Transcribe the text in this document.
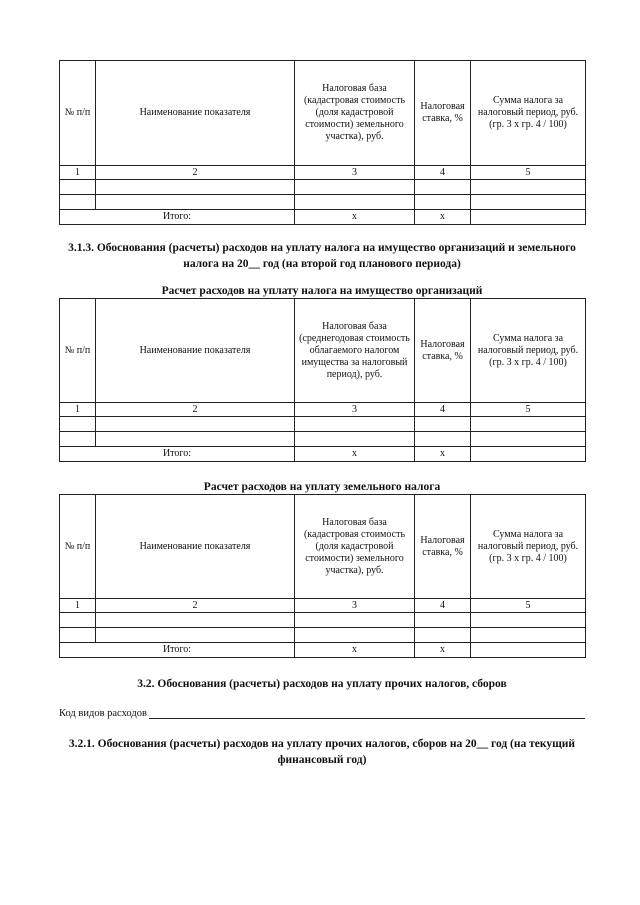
№ п/п	Наименование показателя	Налоговая база (кадастровая стоимость (доля кадастровой стоимости) земельного участка), руб.	Налоговая ставка, %	Сумма налога за налоговый период, руб. (гр. 3 х гр. 4 / 100)
1	2	3	4	5

Итого:		x	x	
3.1.3. Обоснования (расчеты) расходов на уплату налога на имущество организаций и земельного налога на 20__ год (на второй год планового периода)
Расчет расходов на уплату налога на имущество организаций
№ п/п	Наименование показателя	Налоговая база (среднегодовая стоимость облагаемого налогом имущества за налоговый период), руб.	Налоговая ставка, %	Сумма налога за налоговый период, руб. (гр. 3 х гр. 4 / 100)
1	2	3	4	5

Итого:		x	x	
Расчет расходов на уплату земельного налога
№ п/п	Наименование показателя	Налоговая база (кадастровая стоимость (доля кадастровой стоимости) земельного участка), руб.	Налоговая ставка, %	Сумма налога за налоговый период, руб. (гр. 3 х гр. 4 / 100)
1	2	3	4	5

Итого:		x	x	
3.2. Обоснования (расчеты) расходов на уплату прочих налогов, сборов
Код видов расходов
3.2.1. Обоснования (расчеты) расходов на уплату прочих налогов, сборов на 20__ год (на текущий финансовый год)
